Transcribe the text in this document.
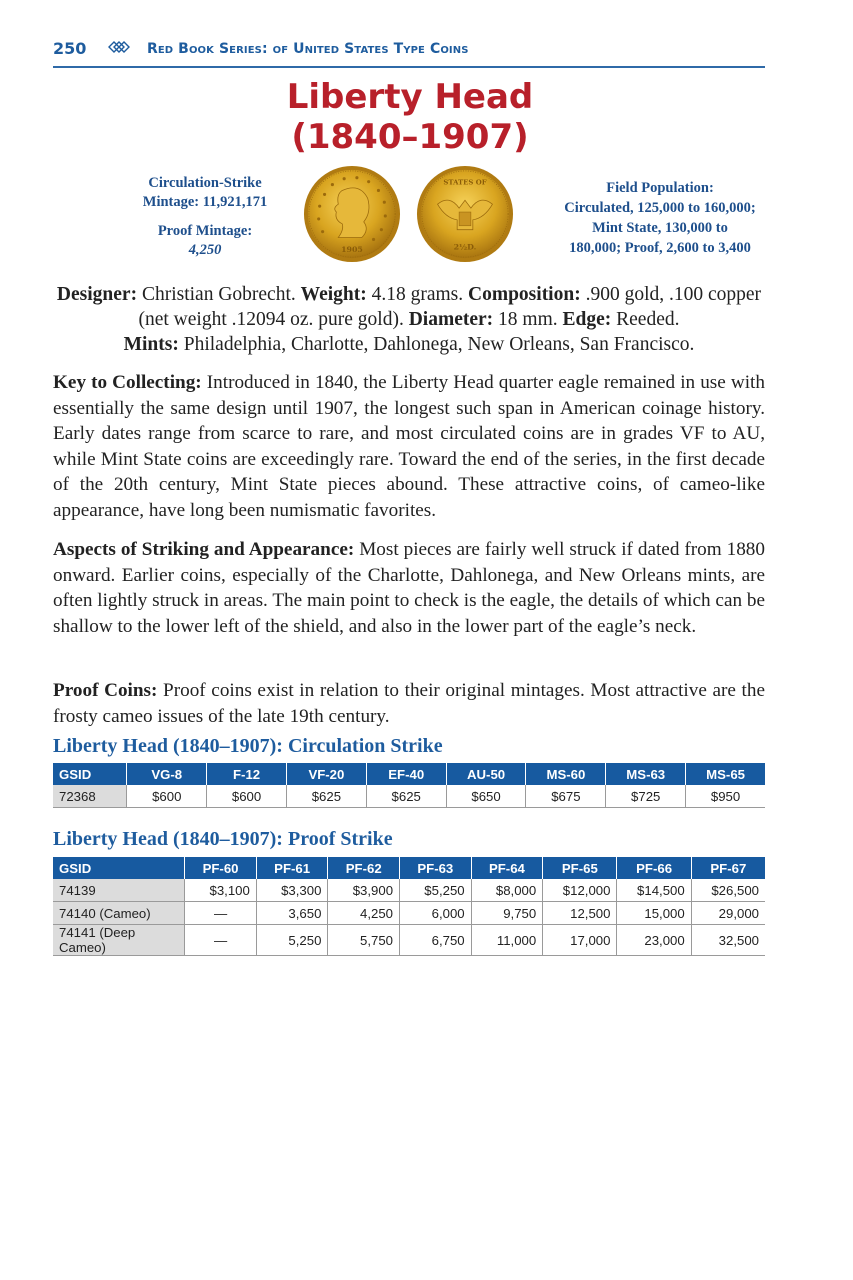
250	Red Book Series: of United States Type Coins
Liberty Head
(1840–1907)
Circulation-Strike
Mintage: 11,921,171
Proof Mintage:
4,250	1905
STATES OF
2½D.
Field Population:
Circulated, 125,000 to 160,000;
Mint State, 130,000 to
180,000; Proof, 2,600 to 3,400
Designer: Christian Gobrecht. Weight: 4.18 grams. Composition: .900 gold, .100 copper (net weight .12094 oz. pure gold). Diameter: 18 mm. Edge: Reeded.
Mints: Philadelphia, Charlotte, Dahlonega, New Orleans, San Francisco.
Key to Collecting: Introduced in 1840, the Liberty Head quarter eagle remained in use with essentially the same design until 1907, the longest such span in American coinage history. Early dates range from scarce to rare, and most circulated coins are in grades VF to AU, while Mint State coins are exceedingly rare. Toward the end of the series, in the first decade of the 20th century, Mint State pieces abound. These attractive coins, of cameo-like appearance, have long been numismatic favorites.
Aspects of Striking and Appearance: Most pieces are fairly well struck if dated from 1880 onward. Earlier coins, especially of the Charlotte, Dahlonega, and New Orleans mints, are often lightly struck in areas. The main point to check is the eagle, the details of which can be shallow to the lower left of the shield, and also in the lower part of the eagle’s neck.
Proof Coins: Proof coins exist in relation to their original mintages. Most attractive are the frosty cameo issues of the late 19th century.
Liberty Head (1840–1907): Circulation Strike
GSID	VG-8	F-12	VF-20	EF-40	AU-50	MS-60	MS-63	MS-65
72368	$600	$600	$625	$625	$650	$675	$725	$950
Liberty Head (1840–1907): Proof Strike
GSID	PF-60	PF-61	PF-62	PF-63	PF-64	PF-65	PF-66	PF-67
74139	$3,100	$3,300	$3,900	$5,250	$8,000	$12,000	$14,500	$26,500
74140 (Cameo)	—	3,650	4,250	6,000	9,750	12,500	15,000	29,000
74141 (Deep Cameo)	—	5,250	5,750	6,750	11,000	17,000	23,000	32,500
